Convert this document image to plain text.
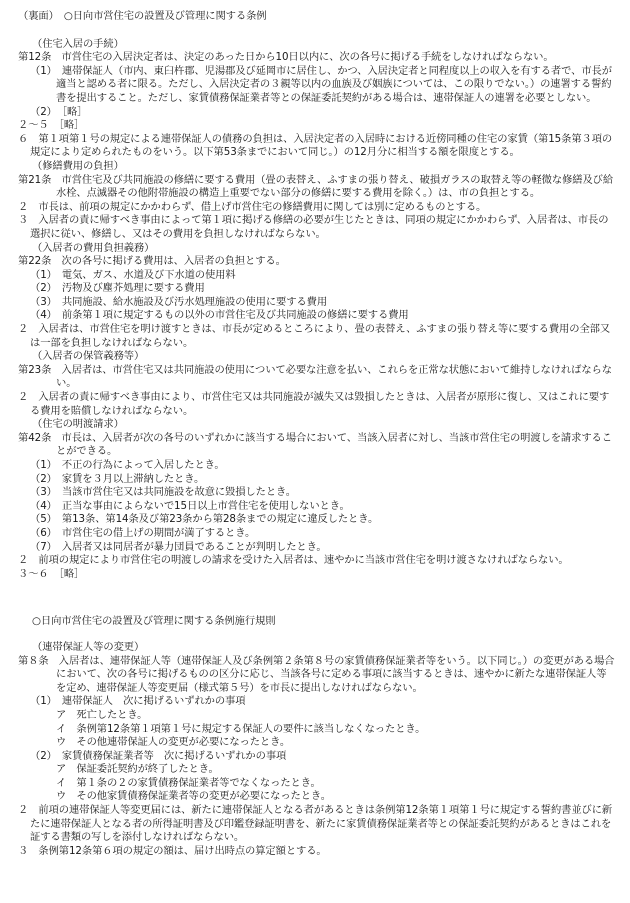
（裏面）　○日向市営住宅の設置及び管理に関する条例

（住宅入居の手続）

第12条　市営住宅の入居決定者は、決定のあった日から10日以内に、次の各号に掲げる手続をしなければならない。

（1）　連帯保証人（市内、東臼杵郡、児湯郡及び延岡市に居住し、かつ、入居決定者と同程度以上の収入を有する者で、市長が適当と認める者に限る。ただし、入居決定者の３親等以内の血族及び姻族については、この限りでない。）の連署する誓約書を提出すること。ただし、家賃債務保証業者等との保証委託契約がある場合は、連帯保証人の連署を必要としない。

（2）　［略］

２～５　［略］

６　第１項第１号の規定による連帯保証人の債務の負担は、入居決定者の入居時における近傍同種の住宅の家賃（第15条第３項の規定により定められたものをいう。以下第53条までにおいて同じ。）の12月分に相当する額を限度とする。

（修繕費用の負担）

第21条　市営住宅及び共同施設の修繕に要する費用（畳の表替え、ふすまの張り替え、破損ガラスの取替え等の軽微な修繕及び給水栓、点滅器その他附帯施設の構造上重要でない部分の修繕に要する費用を除く。）は、市の負担とする。

２　市長は、前項の規定にかかわらず、借上げ市営住宅の修繕費用に関しては別に定めるものとする。

３　入居者の責に帰すべき事由によって第１項に掲げる修繕の必要が生じたときは、同項の規定にかかわらず、入居者は、市長の選択に従い、修繕し、又はその費用を負担しなければならない。

（入居者の費用負担義務）

第22条　次の各号に掲げる費用は、入居者の負担とする。

（1）　電気、ガス、水道及び下水道の使用料

（2）　汚物及び塵芥処理に要する費用

（3）　共同施設、給水施設及び汚水処理施設の使用に要する費用

（4）　前条第１項に規定するもの以外の市営住宅及び共同施設の修繕に要する費用

２　入居者は、市営住宅を明け渡すときは、市長が定めるところにより、畳の表替え、ふすまの張り替え等に要する費用の全部又は一部を負担しなければならない。

（入居者の保管義務等）

第23条　入居者は、市営住宅又は共同施設の使用について必要な注意を払い、これらを正常な状態において維持しなければならない。

２　入居者の責に帰すべき事由により、市営住宅又は共同施設が滅失又は毀損したときは、入居者が原形に復し、又はこれに要する費用を賠償しなければならない。

（住宅の明渡請求）

第42条　市長は、入居者が次の各号のいずれかに該当する場合において、当該入居者に対し、当該市営住宅の明渡しを請求することができる。

（1）　不正の行為によって入居したとき。

（2）　家賃を３月以上滞納したとき。

（3）　当該市営住宅又は共同施設を故意に毀損したとき。

（4）　正当な事由によらないで15日以上市営住宅を使用しないとき。

（5）　第13条、第14条及び第23条から第28条までの規定に違反したとき。

（6）　市営住宅の借上げの期間が満了するとき。

（7）　入居者又は同居者が暴力団員であることが判明したとき。

２　前項の規定により市営住宅の明渡しの請求を受けた入居者は、速やかに当該市営住宅を明け渡さなければならない。

３～６　［略］

○日向市営住宅の設置及び管理に関する条例施行規則

（連帯保証人等の変更）

第８条　入居者は、連帯保証人等（連帯保証人及び条例第２条第８号の家賃債務保証業者等をいう。以下同じ。）の変更がある場合において、次の各号に掲げるものの区分に応じ、当該各号に定める事項に該当するときは、速やかに新たな連帯保証人等を定め、連帯保証人等変更届（様式第５号）を市長に提出しなければならない。

（1）　連帯保証人　次に掲げるいずれかの事項

ア　死亡したとき。

イ　条例第12条第１項第１号に規定する保証人の要件に該当しなくなったとき。

ウ　その他連帯保証人の変更が必要になったとき。

（2）　家賃債務保証業者等　次に掲げるいずれかの事項

ア　保証委託契約が終了したとき。

イ　第１条の２の家賃債務保証業者等でなくなったとき。

ウ　その他家賃債務保証業者等の変更が必要になったとき。

２　前項の連帯保証人等変更届には、新たに連帯保証人となる者があるときは条例第12条第１項第１号に規定する誓約書並びに新たに連帯保証人となる者の所得証明書及び印鑑登録証明書を、新たに家賃債務保証業者等との保証委託契約があるときはこれを証する書類の写しを添付しなければならない。

３　条例第12条第６項の規定の額は、届け出時点の算定額とする。
